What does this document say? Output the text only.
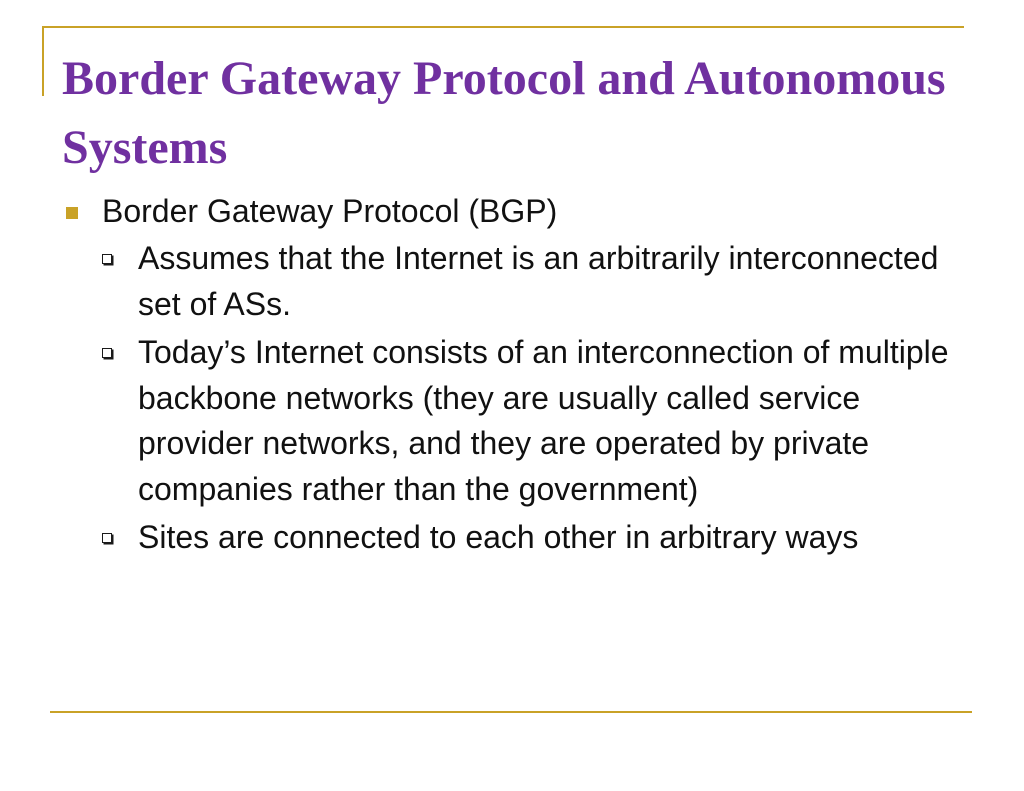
Border Gateway Protocol and Autonomous Systems
Border Gateway Protocol (BGP)
Assumes that the Internet is an arbitrarily interconnected set of ASs.
Today’s Internet consists of an interconnection of multiple backbone networks (they are usually called service provider networks, and they are operated by private companies rather than the government)
Sites are connected to each other in arbitrary ways
